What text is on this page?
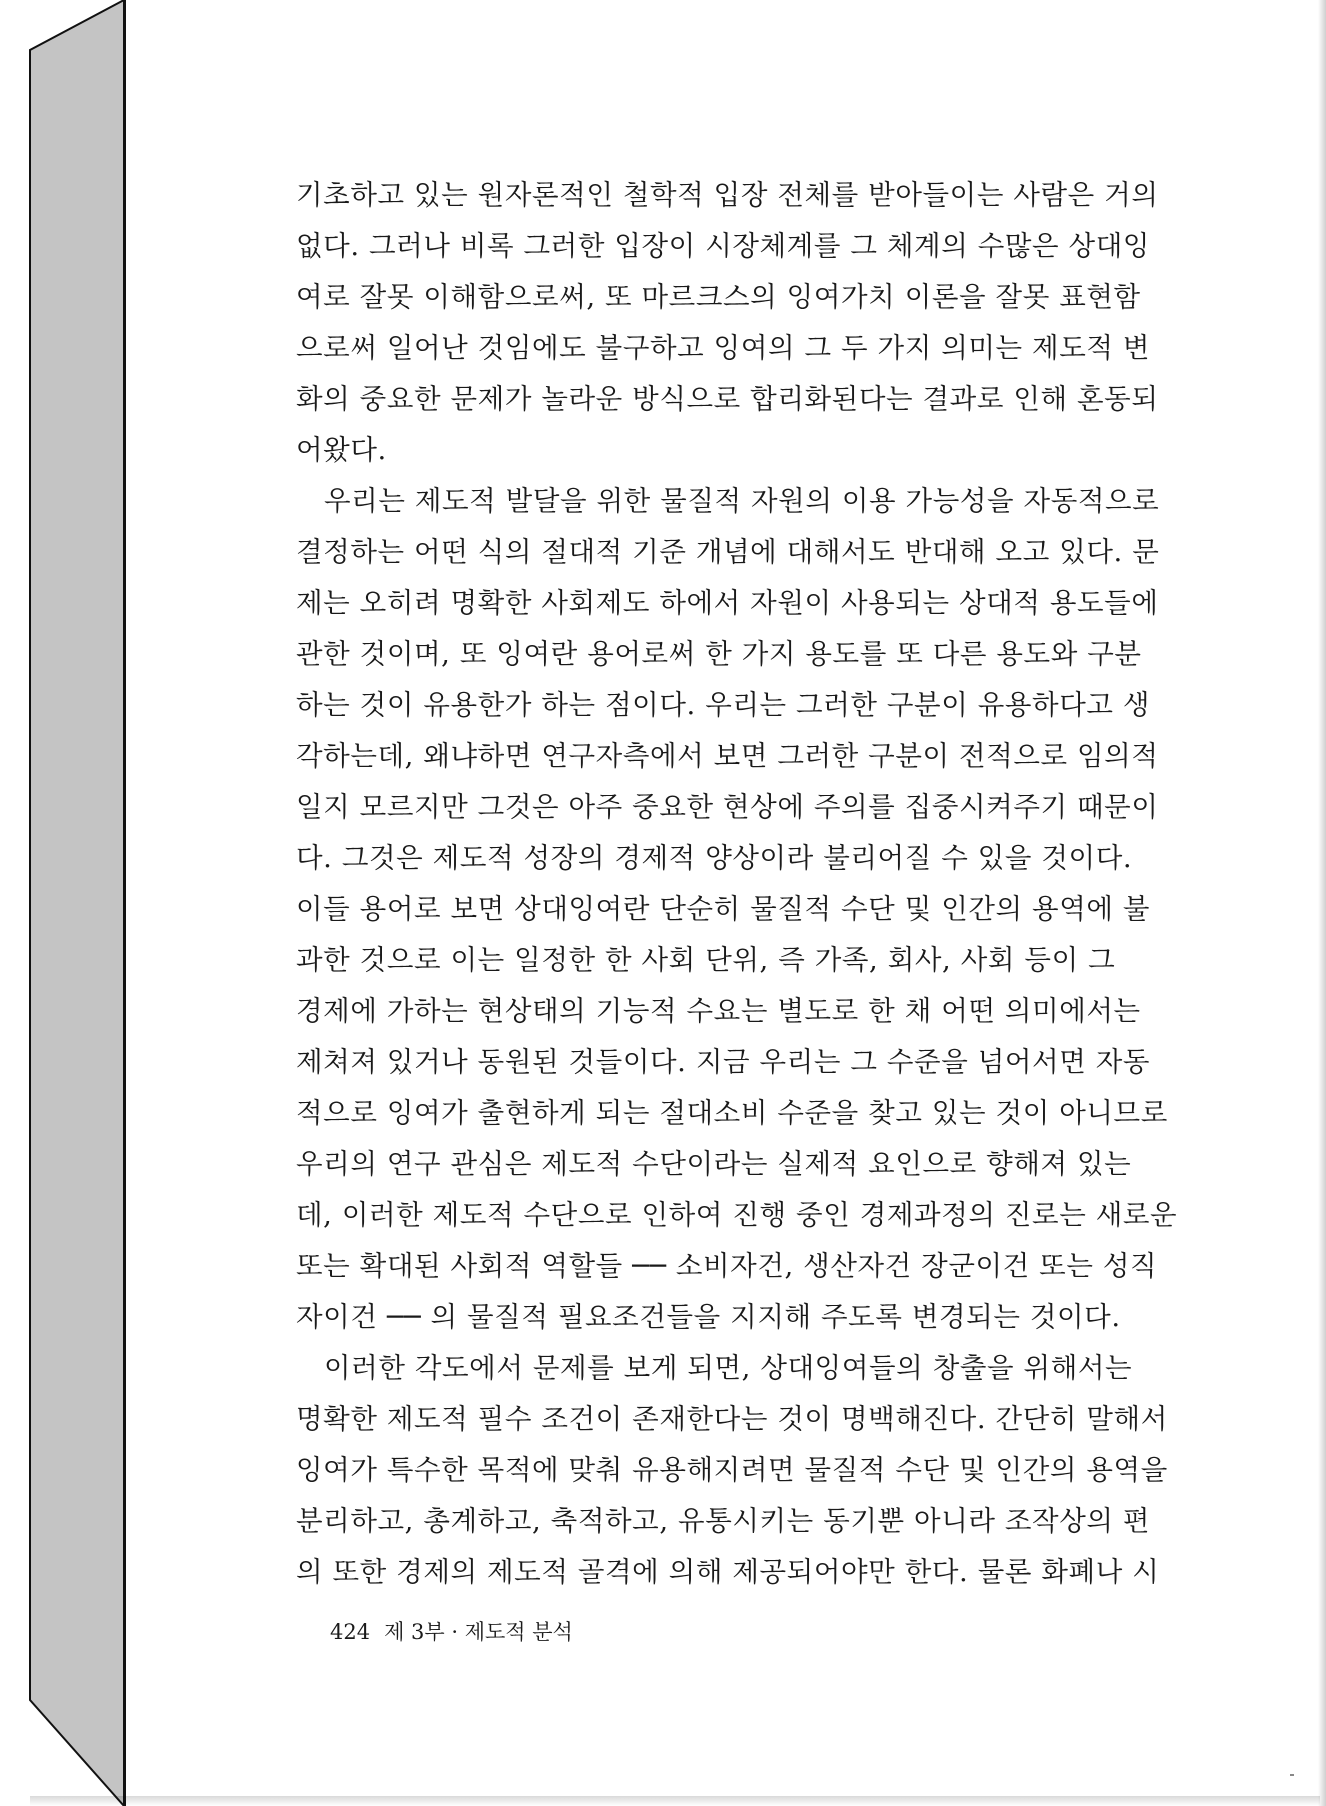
기초하고 있는 원자론적인 철학적 입장 전체를 받아들이는 사람은 거의
없다. 그러나 비록 그러한 입장이 시장체계를 그 체계의 수많은 상대잉
여로 잘못 이해함으로써, 또 마르크스의 잉여가치 이론을 잘못 표현함
으로써 일어난 것임에도 불구하고 잉여의 그 두 가지 의미는 제도적 변
화의 중요한 문제가 놀라운 방식으로 합리화된다는 결과로 인해 혼동되
어왔다.
우리는 제도적 발달을 위한 물질적 자원의 이용 가능성을 자동적으로
결정하는 어떤 식의 절대적 기준 개념에 대해서도 반대해 오고 있다. 문
제는 오히려 명확한 사회제도 하에서 자원이 사용되는 상대적 용도들에
관한 것이며, 또 잉여란 용어로써 한 가지 용도를 또 다른 용도와 구분
하는 것이 유용한가 하는 점이다. 우리는 그러한 구분이 유용하다고 생
각하는데, 왜냐하면 연구자측에서 보면 그러한 구분이 전적으로 임의적
일지 모르지만 그것은 아주 중요한 현상에 주의를 집중시켜주기 때문이
다. 그것은 제도적 성장의 경제적 양상이라 불리어질 수 있을 것이다.
이들 용어로 보면 상대잉여란 단순히 물질적 수단 및 인간의 용역에 불
과한 것으로 이는 일정한 한 사회 단위, 즉 가족, 회사, 사회 등이 그
경제에 가하는 현상태의 기능적 수요는 별도로 한 채 어떤 의미에서는
제쳐져 있거나 동원된 것들이다. 지금 우리는 그 수준을 넘어서면 자동
적으로 잉여가 출현하게 되는 절대소비 수준을 찾고 있는 것이 아니므로
우리의 연구 관심은 제도적 수단이라는 실제적 요인으로 향해져 있는
데, 이러한 제도적 수단으로 인하여 진행 중인 경제과정의 진로는 새로운
또는 확대된 사회적 역할들 ── 소비자건, 생산자건 장군이건 또는 성직
자이건 ── 의 물질적 필요조건들을 지지해 주도록 변경되는 것이다.
이러한 각도에서 문제를 보게 되면, 상대잉여들의 창출을 위해서는
명확한 제도적 필수 조건이 존재한다는 것이 명백해진다. 간단히 말해서
잉여가 특수한 목적에 맞춰 유용해지려면 물질적 수단 및 인간의 용역을
분리하고, 총계하고, 축적하고, 유통시키는 동기뿐 아니라 조작상의 편
의 또한 경제의 제도적 골격에 의해 제공되어야만 한다. 물론 화폐나 시
424 제 3부 · 제도적 분석
